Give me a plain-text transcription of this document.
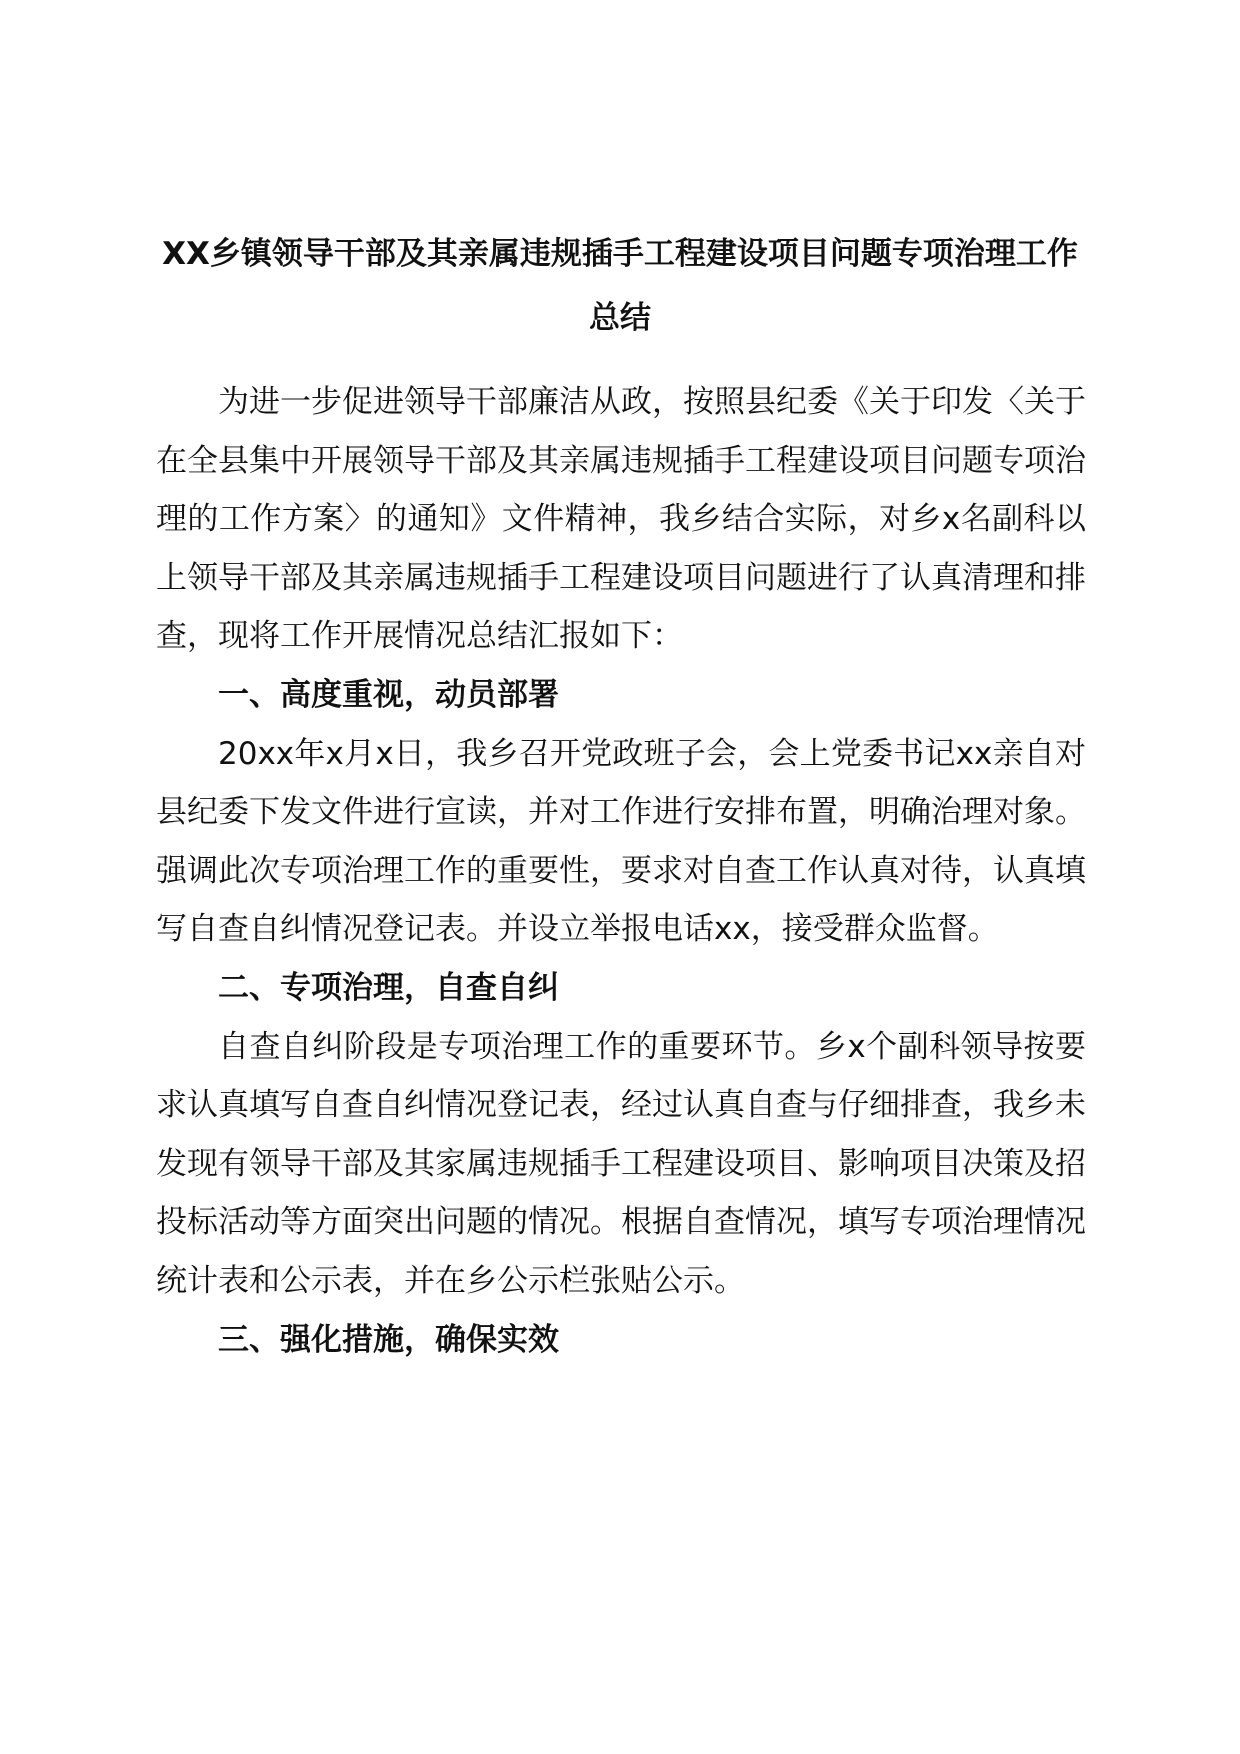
XX乡镇领导干部及其亲属违规插手工程建设项目问题专项治理工作总结

为进一步促进领导干部廉洁从政，按照县纪委《关于印发〈关于在全县集中开展领导干部及其亲属违规插手工程建设项目问题专项治理的工作方案〉的通知》文件精神，我乡结合实际，对乡x名副科以上领导干部及其亲属违规插手工程建设项目问题进行了认真清理和排查，现将工作开展情况总结汇报如下：

一、高度重视，动员部署

20xx年x月x日，我乡召开党政班子会，会上党委书记xx亲自对县纪委下发文件进行宣读，并对工作进行安排布置，明确治理对象。强调此次专项治理工作的重要性，要求对自查工作认真对待，认真填写自查自纠情况登记表。并设立举报电话xx，接受群众监督。

二、专项治理，自查自纠

自查自纠阶段是专项治理工作的重要环节。乡x个副科领导按要求认真填写自查自纠情况登记表，经过认真自查与仔细排查，我乡未发现有领导干部及其家属违规插手工程建设项目、影响项目决策及招投标活动等方面突出问题的情况。根据自查情况，填写专项治理情况统计表和公示表，并在乡公示栏张贴公示。

三、强化措施，确保实效
